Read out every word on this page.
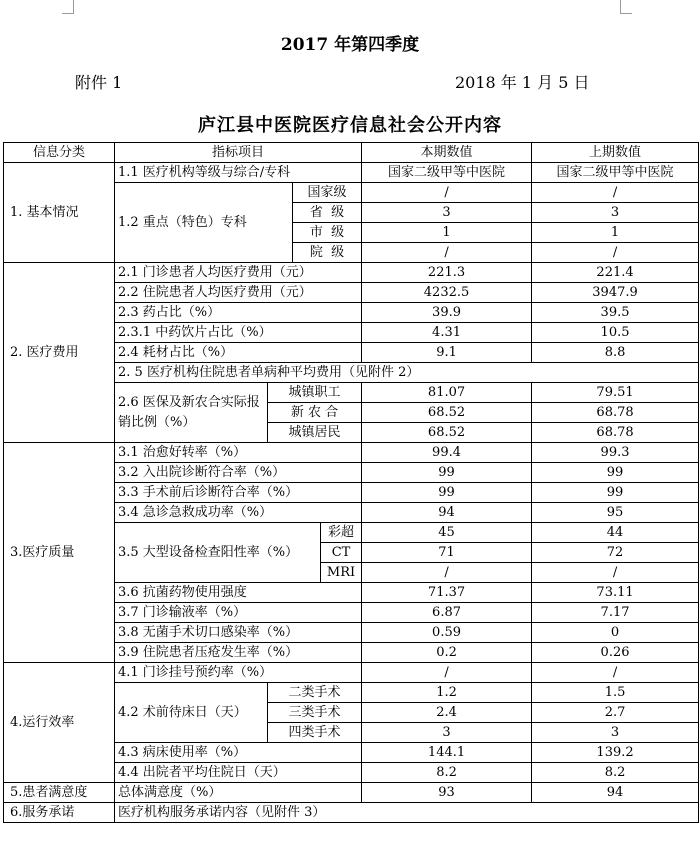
2017 年第四季度
附件 1	2018 年 1 月 5 日
庐江县中医院医疗信息社会公开内容
信息分类	指标项目				本期数值	上期数值
1. 基本情况	1.1 医疗机构等级与综合/专科				国家二级甲等中医院	国家二级甲等中医院
	1.2 重点（特色）专科		国家级		/	/
			省  级		3	3
			市  级		1	1
			院  级		/	/
2. 医疗费用	2.1 门诊患者人均医疗费用（元）				221.3	221.4
	2.2 住院患者人均医疗费用（元）				4232.5	3947.9
	2.3 药占比（%）				39.9	39.5
	2.3.1 中药饮片占比（%）				4.31	10.5
	2.4 耗材占比（%）				9.1	8.8
	2. 5 医疗机构住院患者单病种平均费用（见附件 2）					
	2.6 医保及新农合实际报销比例（%）	城镇职工			81.07	79.51
		新 农 合			68.52	68.78
		城镇居民			68.52	68.78
3.医疗质量	3.1 治愈好转率（%）				99.4	99.3
	3.2 入出院诊断符合率（%）				99	99
	3.3 手术前后诊断符合率（%）				99	99
	3.4 急诊急救成功率（%）				94	95
	3.5 大型设备检查阳性率（%）			彩超	45	44
				CT	71	72
				MRI	/	/
	3.6 抗菌药物使用强度				71.37	73.11
	3.7 门诊输液率（%）				6.87	7.17
	3.8 无菌手术切口感染率（%）				0.59	0
	3.9 住院患者压疮发生率（%）				0.2	0.26
4.运行效率	4.1 门诊挂号预约率（%）				/	/
	4.2 术前待床日（天）	二类手术			1.2	1.5
		三类手术			2.4	2.7
		四类手术			3	3
	4.3 病床使用率（%）				144.1	139.2
	4.4 出院者平均住院日（天）				8.2	8.2
5.患者满意度	总体满意度（%）				93	94
6.服务承诺	医疗机构服务承诺内容（见附件 3）					
